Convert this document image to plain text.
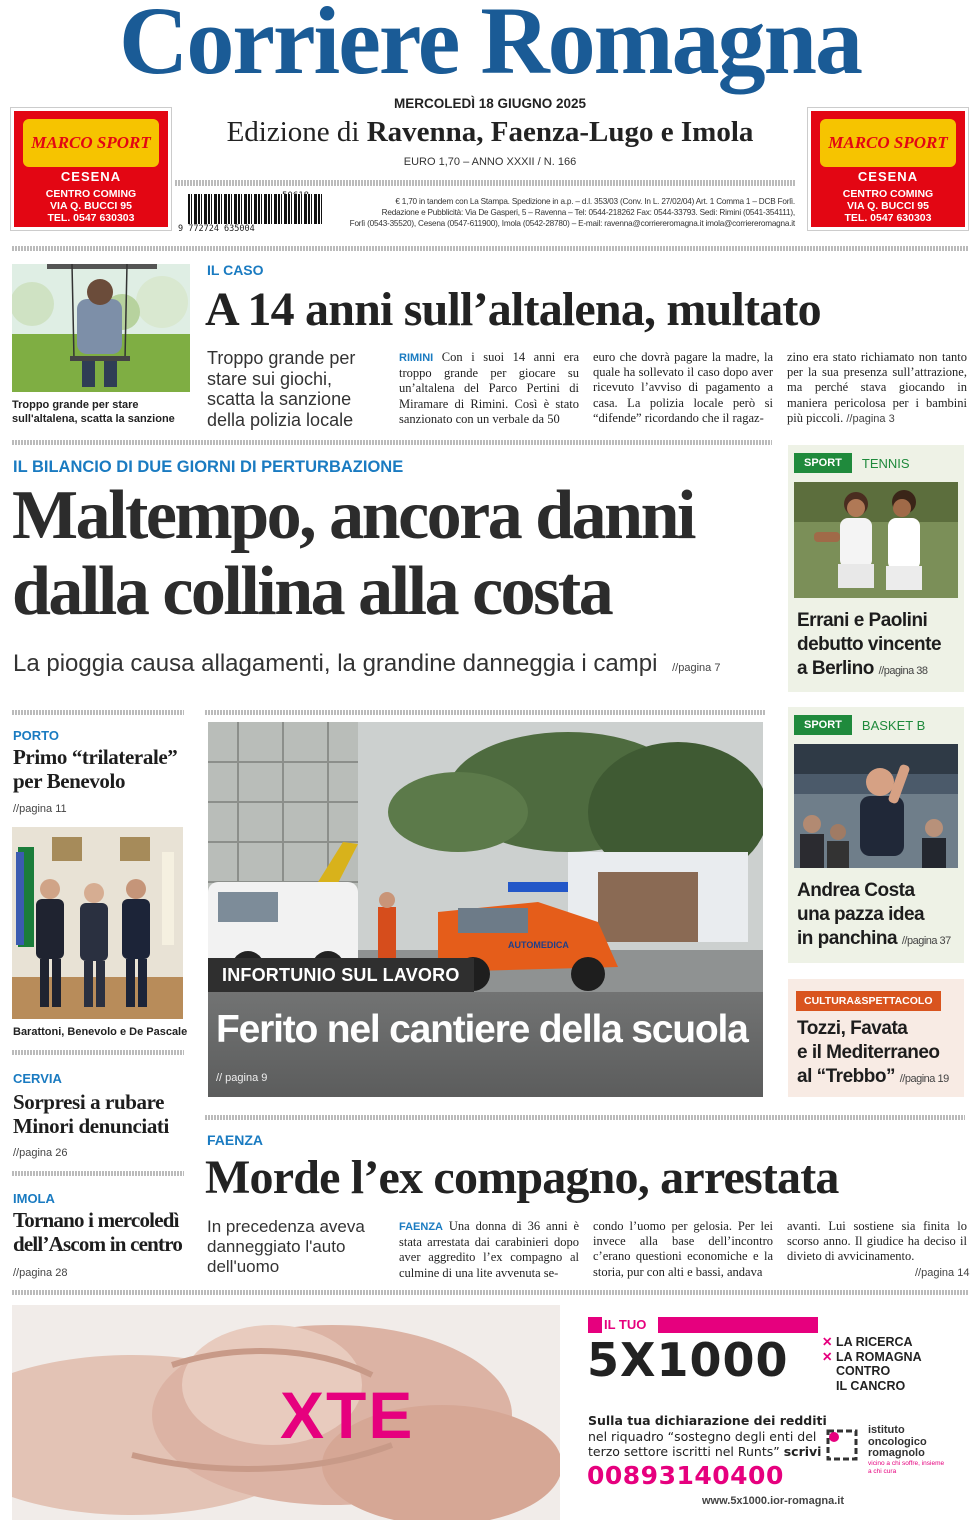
Corriere Romagna
MERCOLEDÌ 18 GIUGNO 2025
Edizione di Ravenna, Faenza-Lugo e Imola
EURO 1,70 – ANNO XXXII / N. 166
9 772724 635004
€ 1,70 in tandem con La Stampa. Spedizione in a.p. – d.l. 353/03 (Conv. In L. 27/02/04) Art. 1 Comma 1 – DCB Forlì.
Redazione e Pubblicità: Via De Gasperi, 5 – Ravenna – Tel: 0544-218262 Fax: 0544-33793. Sedi: Rimini (0541-354111),
Forlì (0543-35520), Cesena (0547-611900), Imola (0542-28780) – E-mail: ravenna@corriereromagna.it imola@corriereromagna.it
MARCO SPORT
CESENA
CENTRO COMING
VIA Q. BUCCI 95
TEL. 0547 630303
MARCO SPORT
CESENA
CENTRO COMING
VIA Q. BUCCI 95
TEL. 0547 630303
Troppo grande per stare sull'altalena, scatta la sanzione
IL CASO
A 14 anni sull’altalena, multato
Troppo grande per stare sui giochi, scatta la sanzione della polizia locale
RIMINI Con i suoi 14 anni era troppo grande per giocare su un’altalena del Parco Pertini di Miramare di Rimini. Così è stato sanzionato con un verbale da 50
euro che dovrà pagare la madre, la quale ha sollevato il caso dopo aver ricevuto l’avviso di pagamento a casa. La polizia locale però si “difende” ricordando che il ragaz-
zino era stato richiamato non tanto per la sua presenza sull’attrazione, ma perché stava giocando in maniera pericolosa per i bambini più piccoli. //pagina 3
IL BILANCIO DI DUE GIORNI DI PERTURBAZIONE
Maltempo, ancora danni
dalla collina alla costa
La pioggia causa allagamenti, la grandine danneggia i campi //pagina 7
SPORT	TENNIS
Errani e Paolini
debutto vincente
a Berlino //pagina 38
PORTO
Primo “trilaterale”
per Benevolo
//pagina 11
Barattoni, Benevolo e De Pascale
CERVIA
Sorpresi a rubare
Minori denunciati
//pagina 26
IMOLA
Tornano i mercoledì
dell’Ascom in centro
//pagina 28
AUTOMEDICA
INFORTUNIO SUL LAVORO
Ferito nel cantiere della scuola
// pagina 9
SPORT	BASKET B
Andrea Costa
una pazza idea
in panchina //pagina 37
CULTURA&SPETTACOLO
Tozzi, Favata
e il Mediterraneo
al “Trebbo” //pagina 19
FAENZA
Morde l’ex compagno, arrestata
In precedenza aveva danneggiato l'auto dell'uomo
FAENZA Una donna di 36 anni è stata arrestata dai carabinieri dopo aver aggredito l’ex compagno al culmine di una lite avvenuta se-
condo l’uomo per gelosia. Per lei invece alla base dell’incontro c’erano questioni economiche e la storia, pur con alti e bassi, andava
avanti. Lui sostiene sia finita lo scorso anno. Il giudice ha deciso il divieto di avvicinamento.
//pagina 14
XTE
IL TUO
5X1000	✕ LA RICERCA
✕ LA ROMAGNA
CONTRO
IL CANCRO
Sulla tua dichiarazione dei redditi
nel riquadro “sostegno degli enti del
terzo settore iscritti nel Runts” scrivi
00893140400
www.5x1000.ior-romagna.it
istituto
oncologico
romagnolo
vicino a chi soffre, insieme a chi cura
